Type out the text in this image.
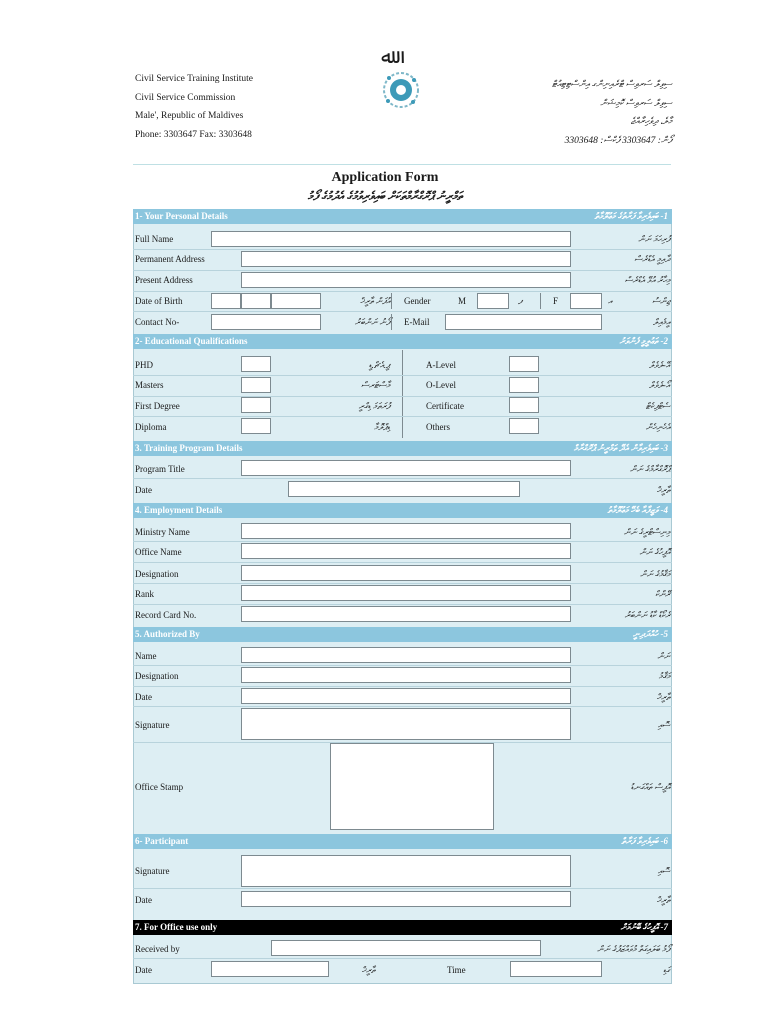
Civil Service Training Institute
Civil Service Commission
Male', Republic of Maldives
Phone: 3303647 Fax: 3303648
ﷲ
ސިވިލް ސަރވިސް ޓްރެއިނިންގ އިންސްޓިޓިއުޓް
ސިވިލް ސަރވިސް ކޮމިޝަން
މާލެ، ދިވެހިރާއްޖެ
ފޯން: 3303647 ފެކްސް: 3303648
Application Form
ތަމްރީނު ޕްރޮގްރާމްތަކަށް ބައިވެރިވުމުގެ އެދުމުގެ ފޯމު
1- Your Personal Details	1- ބައިވެރިވާ ފަރާތުގެ މަޢުލޫމާތު
Full Name	ފުރިހަމަ ނަން
Permanent Address	ދާއިމީ އެޑްރެސް
Present Address	މިހާރު އުޅޭ އެޑްރެސް
Date of Birth	އުފަން ތާރީޚް Gender	M	ފ	F	އ	ޖިންސު
Contact No-	ފޯނު ނަންބަރު E-Mail	އީމެއިލް
2- Educational Qualifications	2- ތަޢުލީމީ ފެންވަރު
PHD	ޕީ.އެޗް.ޑީ	A-Level	އޭ-ލެވެލް
Masters	މާސްޓަރސް	O-Level	އޯ-ލެވެލް
First Degree	ފުރަތަމަ ޑިގްރީ	Certificate	ސެޓްފިކެޓް
Diploma	ޑިޕްލޮމާ	Others	އެހެނިހެން
3. Training Program Details	3- ބައިވެރިވާން އެދޭ ތަމްރީނު ޕްރޮގްރާމް
Program Title	ޕްރޮގްރާމްގެ ނަން
Date	ތާރީޚް
4. Employment Details	4- ވަޒީފާއާ ބެހޭ މަޢުލޫމާތު
Ministry Name	މިނިސްޓްރީގެ ނަން
Office Name	އޮފީހުގެ ނަން
Designation	މަޤާމުގެ ނަން
Rank	ރޭންކް
Record Card No.	ރެކޯޑް ކާޑު ނަންބަރު
5. Authorized By	5- ހުއްދަދިނީ
Name	ނަން
Designation	މަޤާމު
Date	ތާރީޚް
Signature	ސޮއި
Office Stamp	އޮފީސް ތައްގަނޑު
6- Participant	6- ބައިވެރިވާ ފަރާތް
Signature	ސޮއި
Date	ތާރީޚް
7. For Office use only	7- އޮފީހުގެ ބޭނުމަށް
Received by	ފޯމު ބަލައިގަތް މުވައްޒަފުގެ ނަން
Date	ތާރީޚް	Time	ގަޑި
